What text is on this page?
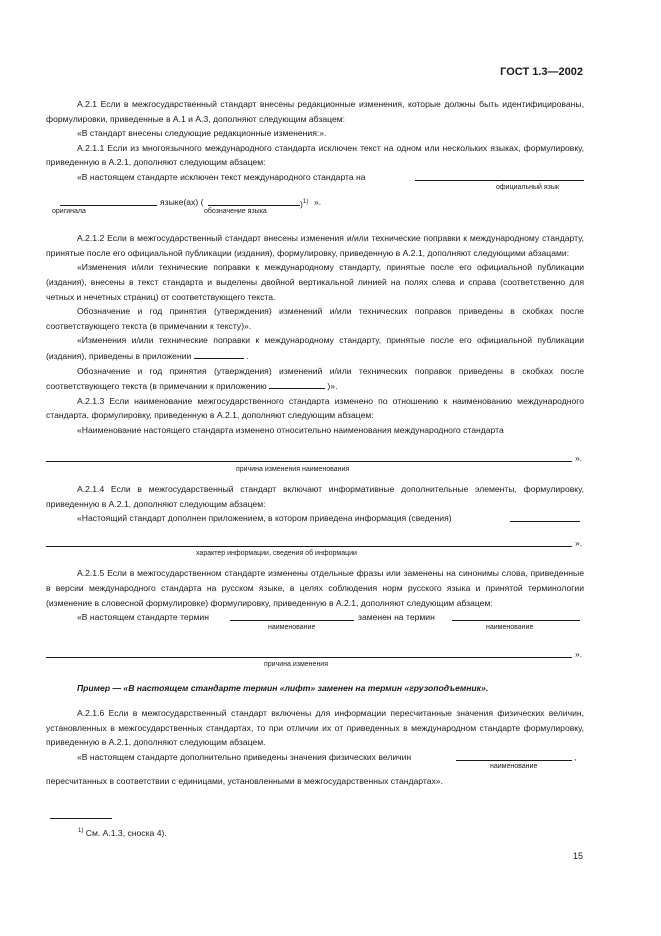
ГОСТ 1.3—2002

А.2.1 Если в межгосударственный стандарт внесены редакционные изменения, которые должны быть идентифицированы, формулировки, приведенные в А.1 и А.3, дополняют следующим абзацем:

«В стандарт внесены следующие редакционные изменения:».

А.2.1.1 Если из многоязычного международного стандарта исключен текст на одном или нескольких языках, формулировку, приведенную в А.2.1, дополняют следующим абзацем:

«В настоящем стандарте исключен текст международного стандарта на
официальный язык
языке(ах) (	)$^{1)}$ ».
оригинала	обозначение языка

А.2.1.2 Если в межгосударственный стандарт внесены изменения и/или технические поправки к международному стандарту, принятые после его официальной публикации (издания), формулировку, приведенную в А.2.1, дополняют следующими абзацами:

«Изменения и/или технические поправки к международному стандарту, принятые после его официальной публикации (издания), внесены в текст стандарта и выделены двойной вертикальной линией на полях слева и справа (соответственно для четных и нечетных страниц) от соответствующего текста.

Обозначение и год принятия (утверждения) изменений и/или технических поправок приведены в скобках после соответствующего текста (в примечании к тексту)».

«Изменения и/или технические поправки к международному стандарту, принятые после его официальной публикации (издания), приведены в приложении	.

Обозначение и год принятия (утверждения) изменений и/или технических поправок приведены в скобках после соответствующего текста (в примечании к приложению	)».

А.2.1.3 Если наименование межгосударственного стандарта изменено по отношению к наименованию международного стандарта, формулировку, приведенную в А.2.1, дополняют следующим абзацем:

«Наименование настоящего стандарта изменено относительно наименования международного стандарта

».
причина изменения наименования

А.2.1.4 Если в межгосударственный стандарт включают информативные дополнительные элементы, формулировку, приведенную в А.2.1, дополняют следующим абзацем:

«Настоящий стандарт дополнен приложением, в котором приведена информация (сведения)
».
характер информации, сведения об информации

А.2.1.5 Если в межгосударственном стандарте изменены отдельные фразы или заменены на синонимы слова, приведенные в версии международного стандарта на русском языке, в целях соблюдения норм русского языка и принятой терминологии (изменение в словесной формулировке) формулировку, приведенную в А.2.1, дополняют следующим абзацем:

«В настоящем стандарте термин	заменен на термин
наименование	наименование
».
причина изменения

Пример — «В настоящем стандарте термин «лифт» заменен на термин «грузоподъемник».

А.2.1.6 Если в межгосударственный стандарт включены для информации пересчитанные значения физических величин, установленных в межгосударственных стандартах, то при отличии их от приведенных в международном стандарте формулировку, приведенную в А.2.1, дополняют следующим абзацем.

«В настоящем стандарте дополнительно приведены значения физических величин	,
наименование

пересчитанных в соответствии с единицами, установленными в межгосударственных стандартах».

$^{1)}$ См. А.1.3, сноска 4).
15
